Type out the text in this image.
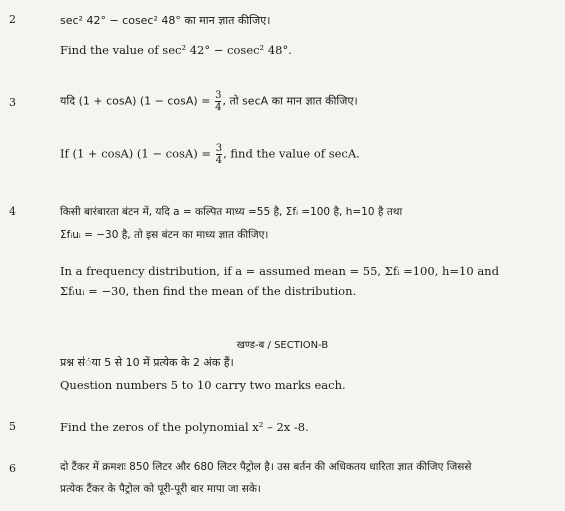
2	sec² 42° − cosec² 48° का मान ज्ञात कीजिए।
Find the value of sec² 42° − cosec² 48°.
3	यदि (1 + cosA) $(1 - \cos A) = \frac{3}{4}$ , तो secA का मान ज्ञात कीजिए।
If (1 + cosA) $(1 - \cos A) = \frac{3}{4}$ , find the value of secA.
4	किसी बारंबारता बंटन में, यदि a = कल्पित माध्य =55 है, Σfᵢ =100 है, h=10 है तथा
Σfᵢuᵢ = −30 है, तो इस बंटन का माध्य ज्ञात कीजिए।
In a frequency distribution, if a = assumed mean = 55, Σfᵢ =100, h=10 and
Σfᵢuᵢ = −30, then find the mean of the distribution.
खण्ड-ब / SECTION-B
प्रश्न स॑ंया 5 से 10 में प्रत्येक के 2 अंक हैं।
Question numbers 5 to 10 carry two marks each.
5	Find the zeros of the polynomial x² – 2x -8.
6	दो टैंकर में क्रमशः 850 लिटर और 680 लिटर पैट्रोल है। उस बर्तन की अधिकतय धारिता ज्ञात कीजिए जिससे
प्रत्येक टैंकर के पैट्रोल को पूरी-पूरी बार मापा जा सके।
